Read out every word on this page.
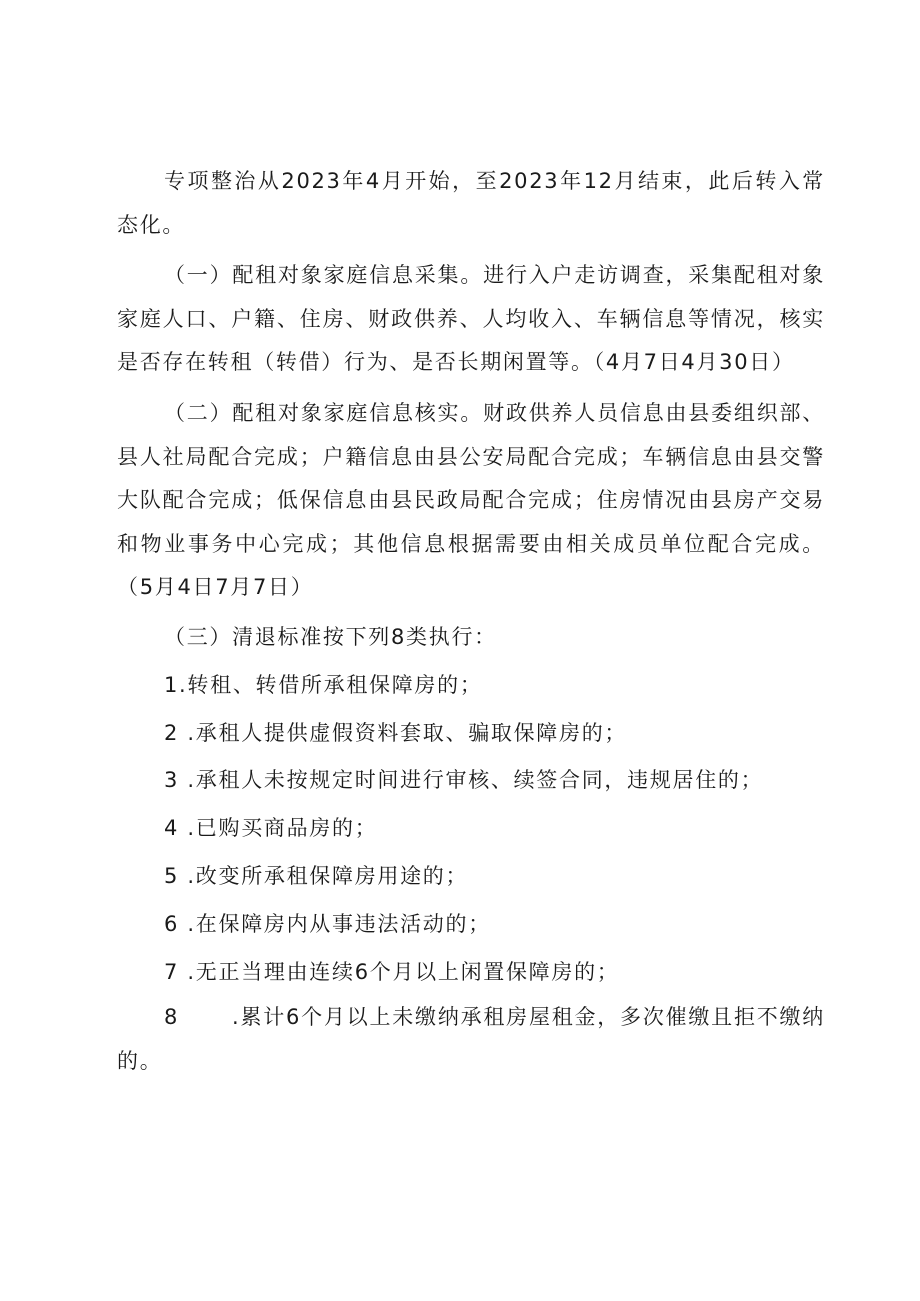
专项整治从2023年4月开始，至2023年12月结束，此后转入常态化。

（一）配租对象家庭信息采集。进行入户走访调查，采集配租对象家庭人口、户籍、住房、财政供养、人均收入、车辆信息等情况，核实是否存在转租（转借）行为、是否长期闲置等。（4月7日4月30日）

（二）配租对象家庭信息核实。财政供养人员信息由县委组织部、县人社局配合完成；户籍信息由县公安局配合完成；车辆信息由县交警大队配合完成；低保信息由县民政局配合完成；住房情况由县房产交易和物业事务中心完成；其他信息根据需要由相关成员单位配合完成。（5月4日7月7日）

（三）清退标准按下列8类执行：

1.转租、转借所承租保障房的；

2 .承租人提供虚假资料套取、骗取保障房的；

3 .承租人未按规定时间进行审核、续签合同，违规居住的；

4 .已购买商品房的；

5 .改变所承租保障房用途的；

6 .在保障房内从事违法活动的；

7 .无正当理由连续6个月以上闲置保障房的；

8	.累计6个月以上未缴纳承租房屋租金，多次催缴且拒不缴纳的。
